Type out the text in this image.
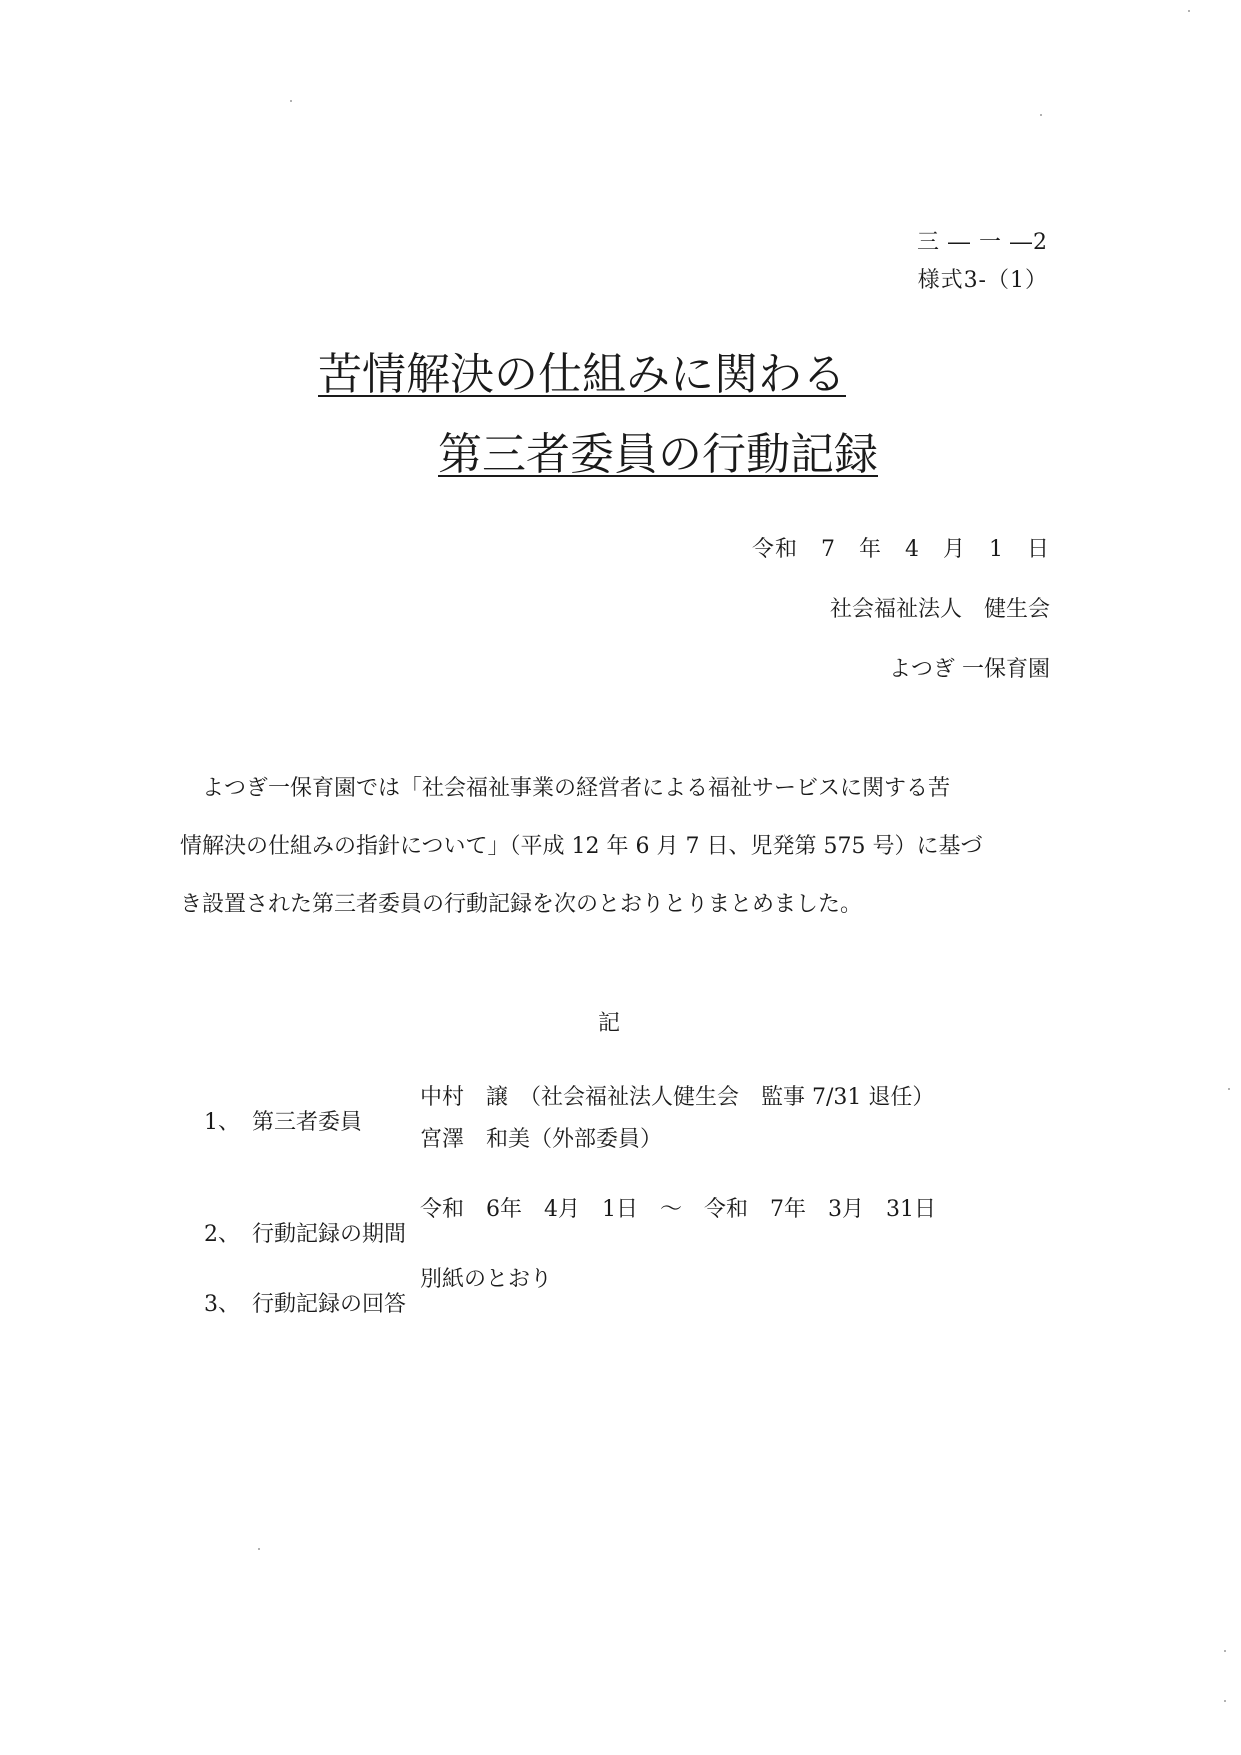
三 ― 一 ―2
様式3-（1）
苦情解決の仕組みに関わる
第三者委員の行動記録
令和　7　年　4　月　1　日
社会福祉法人　健生会
よつぎ 一保育園
よつぎ一保育園では「社会福祉事業の経営者による福祉サービスに関する苦
情解決の仕組みの指針について」（平成 12 年 6 月 7 日、児発第 575 号）に基づ
き設置された第三者委員の行動記録を次のとおりとりまとめました。
記

1、 第三者委員

中村　譲　（社会福祉法人健生会　監事 7/31 退任）
宮澤　和美（外部委員）

2、 行動記録の期間

令和　6年　4月　1日　～　令和　7年　3月　31日

3、 行動記録の回答

別紙のとおり
